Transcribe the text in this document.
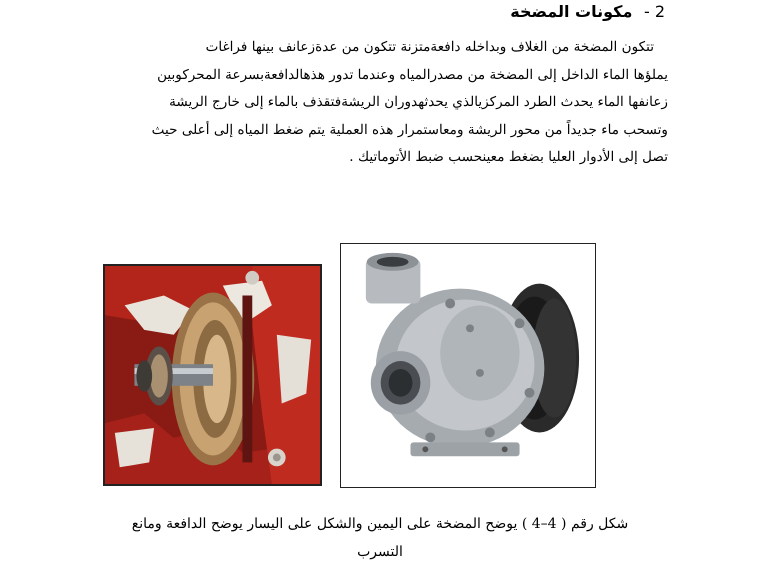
2 - مكونات المضخة
تتكون المضخة من الغلاف وبداخله دافعةمتزنة تتكون من عدةزعانف بينها فراغات
يملؤها الماء الداخل إلى المضخة من مصدرالمياه وعندما تدور هذهالدافعةبسرعة المحركوبين
زعانفها الماء يحدث الطرد المركزيالذي يحدثهدوران الريشةفتقذف بالماء إلى خارج الريشة
وتسحب ماء جديداً من محور الريشة ومعاستمرار هذه العملية يتم ضغط المياه إلى أعلى حيث
تصل إلى الأدوار العليا بضغط معينحسب ضبط الأتوماتيك .
شكل رقم ( 4–4 ) يوضح المضخة على اليمين والشكل على اليسار يوضح الدافعة ومانع
التسرب
